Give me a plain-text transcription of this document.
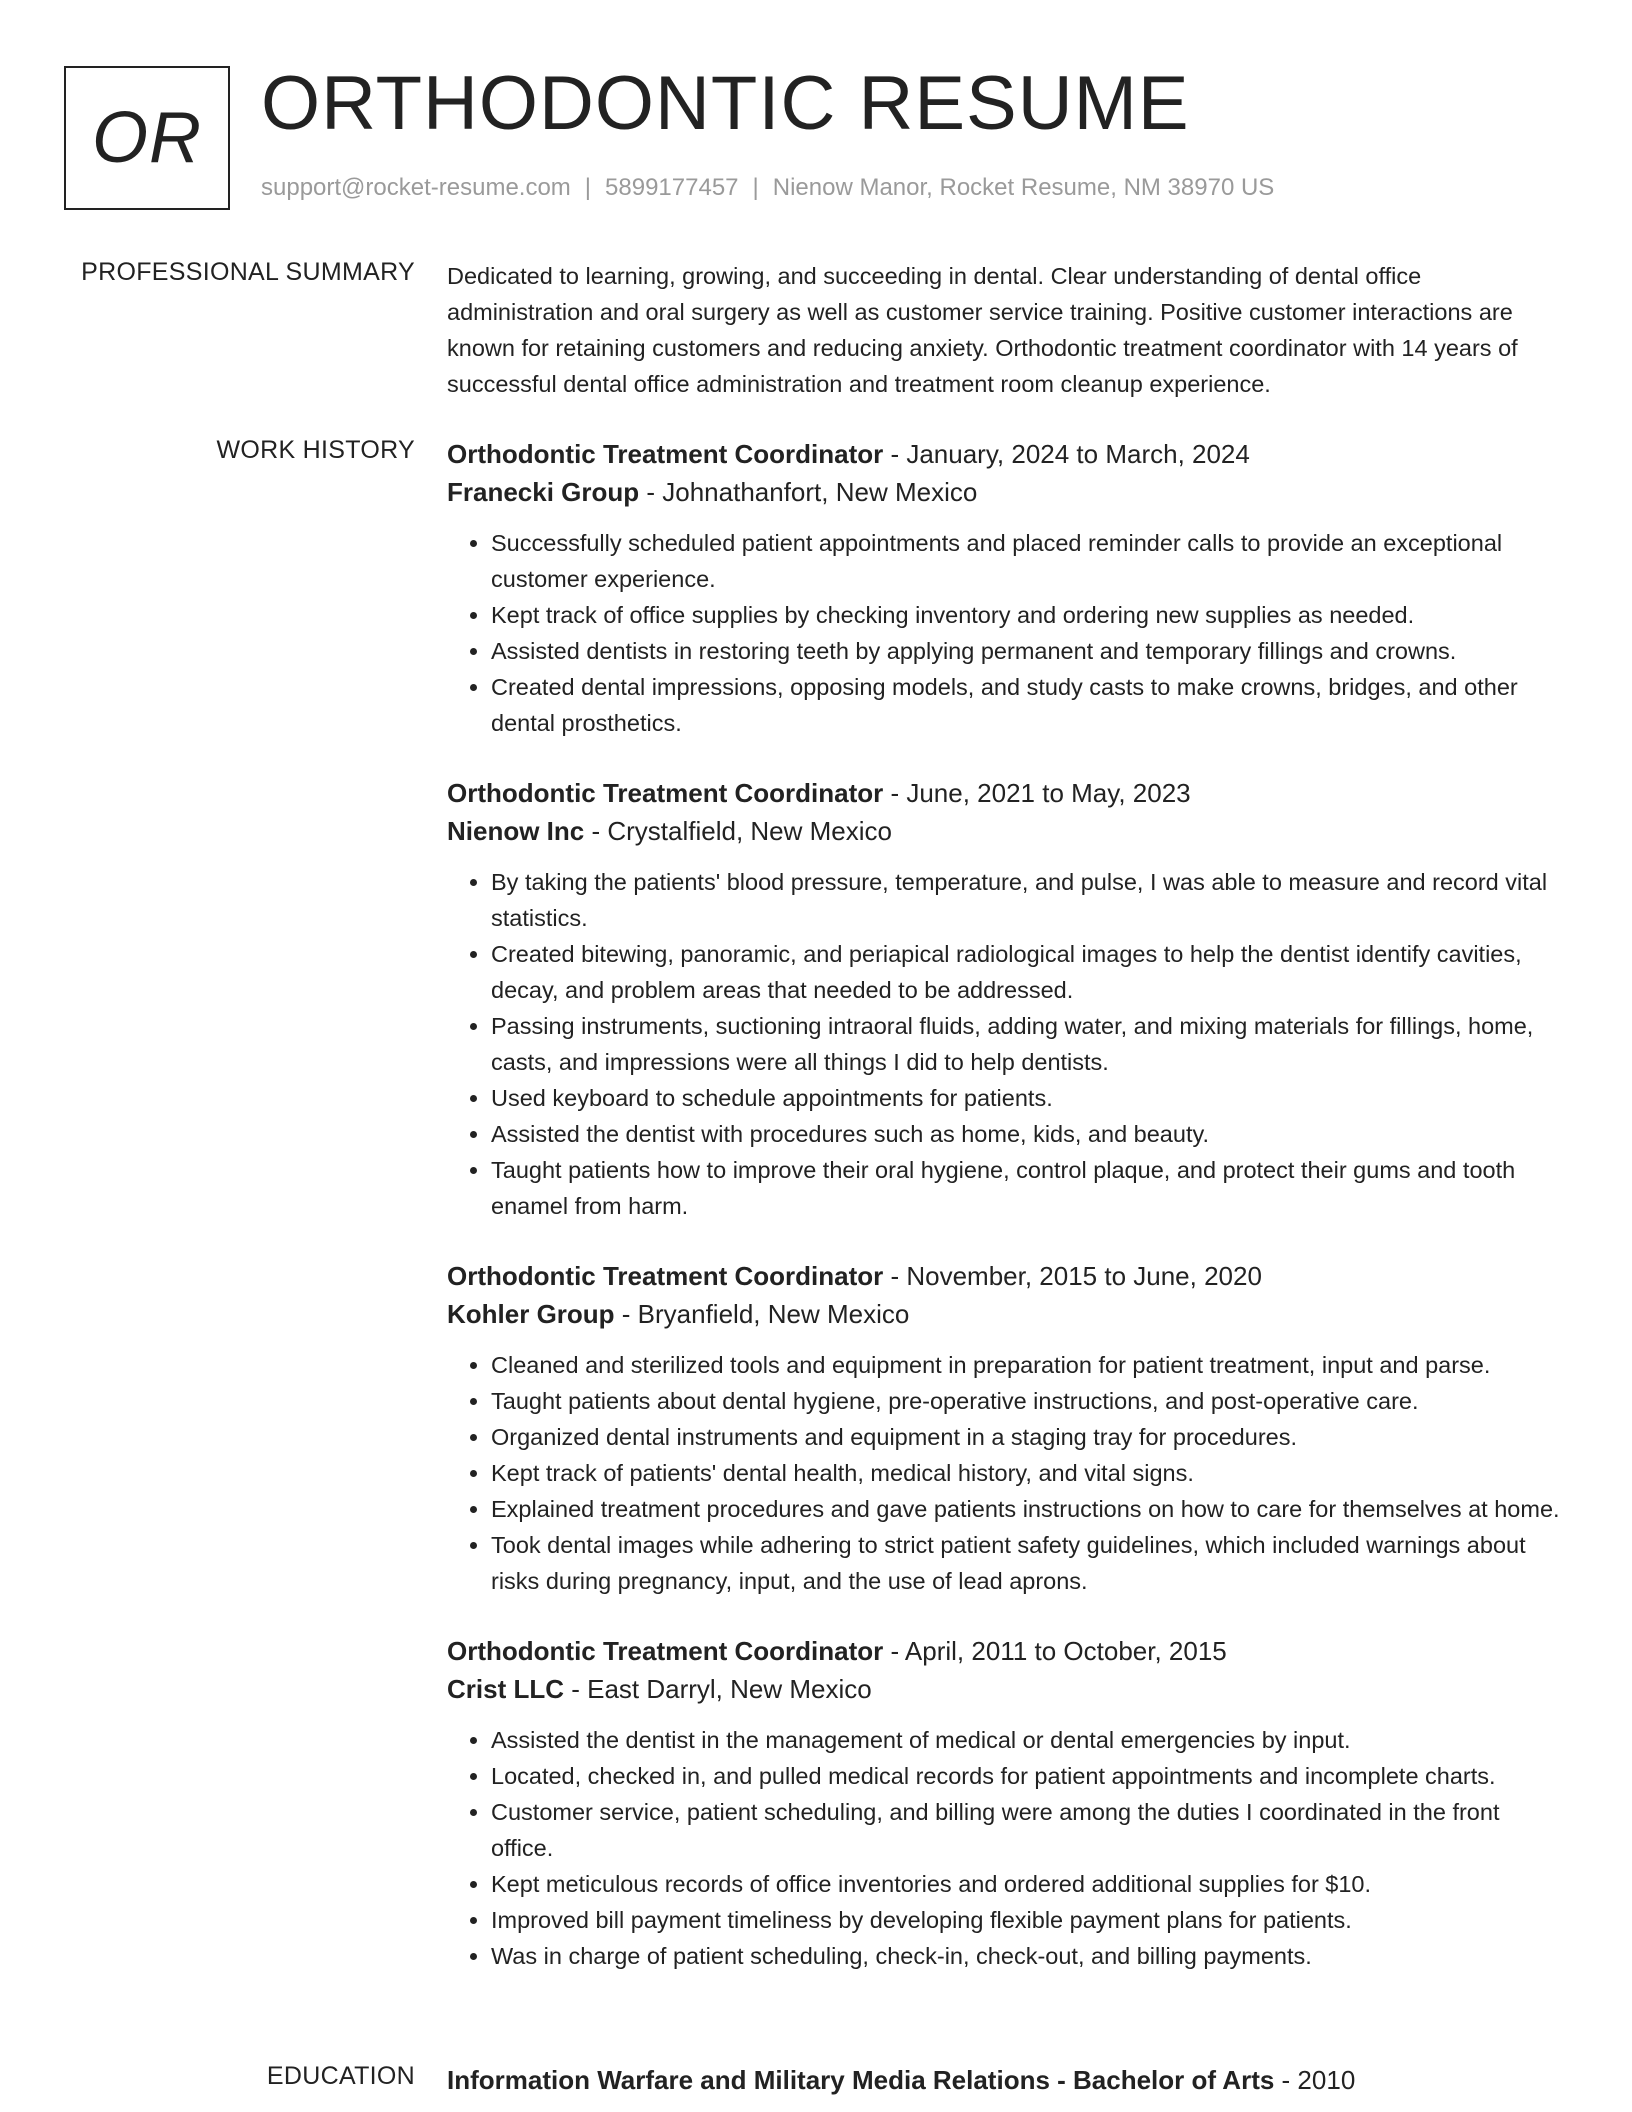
OR ORTHODONTIC RESUME
support@rocket-resume.com | 5899177457 | Nienow Manor, Rocket Resume, NM 38970 US
PROFESSIONAL SUMMARY Dedicated to learning, growing, and succeeding in dental. Clear understanding of dental office administration and oral surgery as well as customer service training. Positive customer interactions are known for retaining customers and reducing anxiety. Orthodontic treatment coordinator with 14 years of successful dental office administration and treatment room cleanup experience.

WORK HISTORY Orthodontic Treatment Coordinator - January, 2024 to March, 2024
Franecki Group - Johnathanfort, New Mexico
• Successfully scheduled patient appointments and placed reminder calls to provide an exceptional customer experience.
• Kept track of office supplies by checking inventory and ordering new supplies as needed.
• Assisted dentists in restoring teeth by applying permanent and temporary fillings and crowns.
• Created dental impressions, opposing models, and study casts to make crowns, bridges, and other dental prosthetics.
Orthodontic Treatment Coordinator - June, 2021 to May, 2023
Nienow Inc - Crystalfield, New Mexico
• By taking the patients' blood pressure, temperature, and pulse, I was able to measure and record vital statistics.
• Created bitewing, panoramic, and periapical radiological images to help the dentist identify cavities, decay, and problem areas that needed to be addressed.
• Passing instruments, suctioning intraoral fluids, adding water, and mixing materials for fillings, home, casts, and impressions were all things I did to help dentists.
• Used keyboard to schedule appointments for patients.
• Assisted the dentist with procedures such as home, kids, and beauty.
• Taught patients how to improve their oral hygiene, control plaque, and protect their gums and tooth enamel from harm.
Orthodontic Treatment Coordinator - November, 2015 to June, 2020
Kohler Group - Bryanfield, New Mexico
• Cleaned and sterilized tools and equipment in preparation for patient treatment, input and parse.
• Taught patients about dental hygiene, pre-operative instructions, and post-operative care.
• Organized dental instruments and equipment in a staging tray for procedures.
• Kept track of patients' dental health, medical history, and vital signs.
• Explained treatment procedures and gave patients instructions on how to care for themselves at home.
• Took dental images while adhering to strict patient safety guidelines, which included warnings about risks during pregnancy, input, and the use of lead aprons.
Orthodontic Treatment Coordinator - April, 2011 to October, 2015
Crist LLC - East Darryl, New Mexico
• Assisted the dentist in the management of medical or dental emergencies by input.
• Located, checked in, and pulled medical records for patient appointments and incomplete charts.
• Customer service, patient scheduling, and billing were among the duties I coordinated in the front office.
• Kept meticulous records of office inventories and ordered additional supplies for $10.
• Improved bill payment timeliness by developing flexible payment plans for patients.
• Was in charge of patient scheduling, check-in, check-out, and billing payments.
EDUCATION Information Warfare and Military Media Relations - Bachelor of Arts - 2010
